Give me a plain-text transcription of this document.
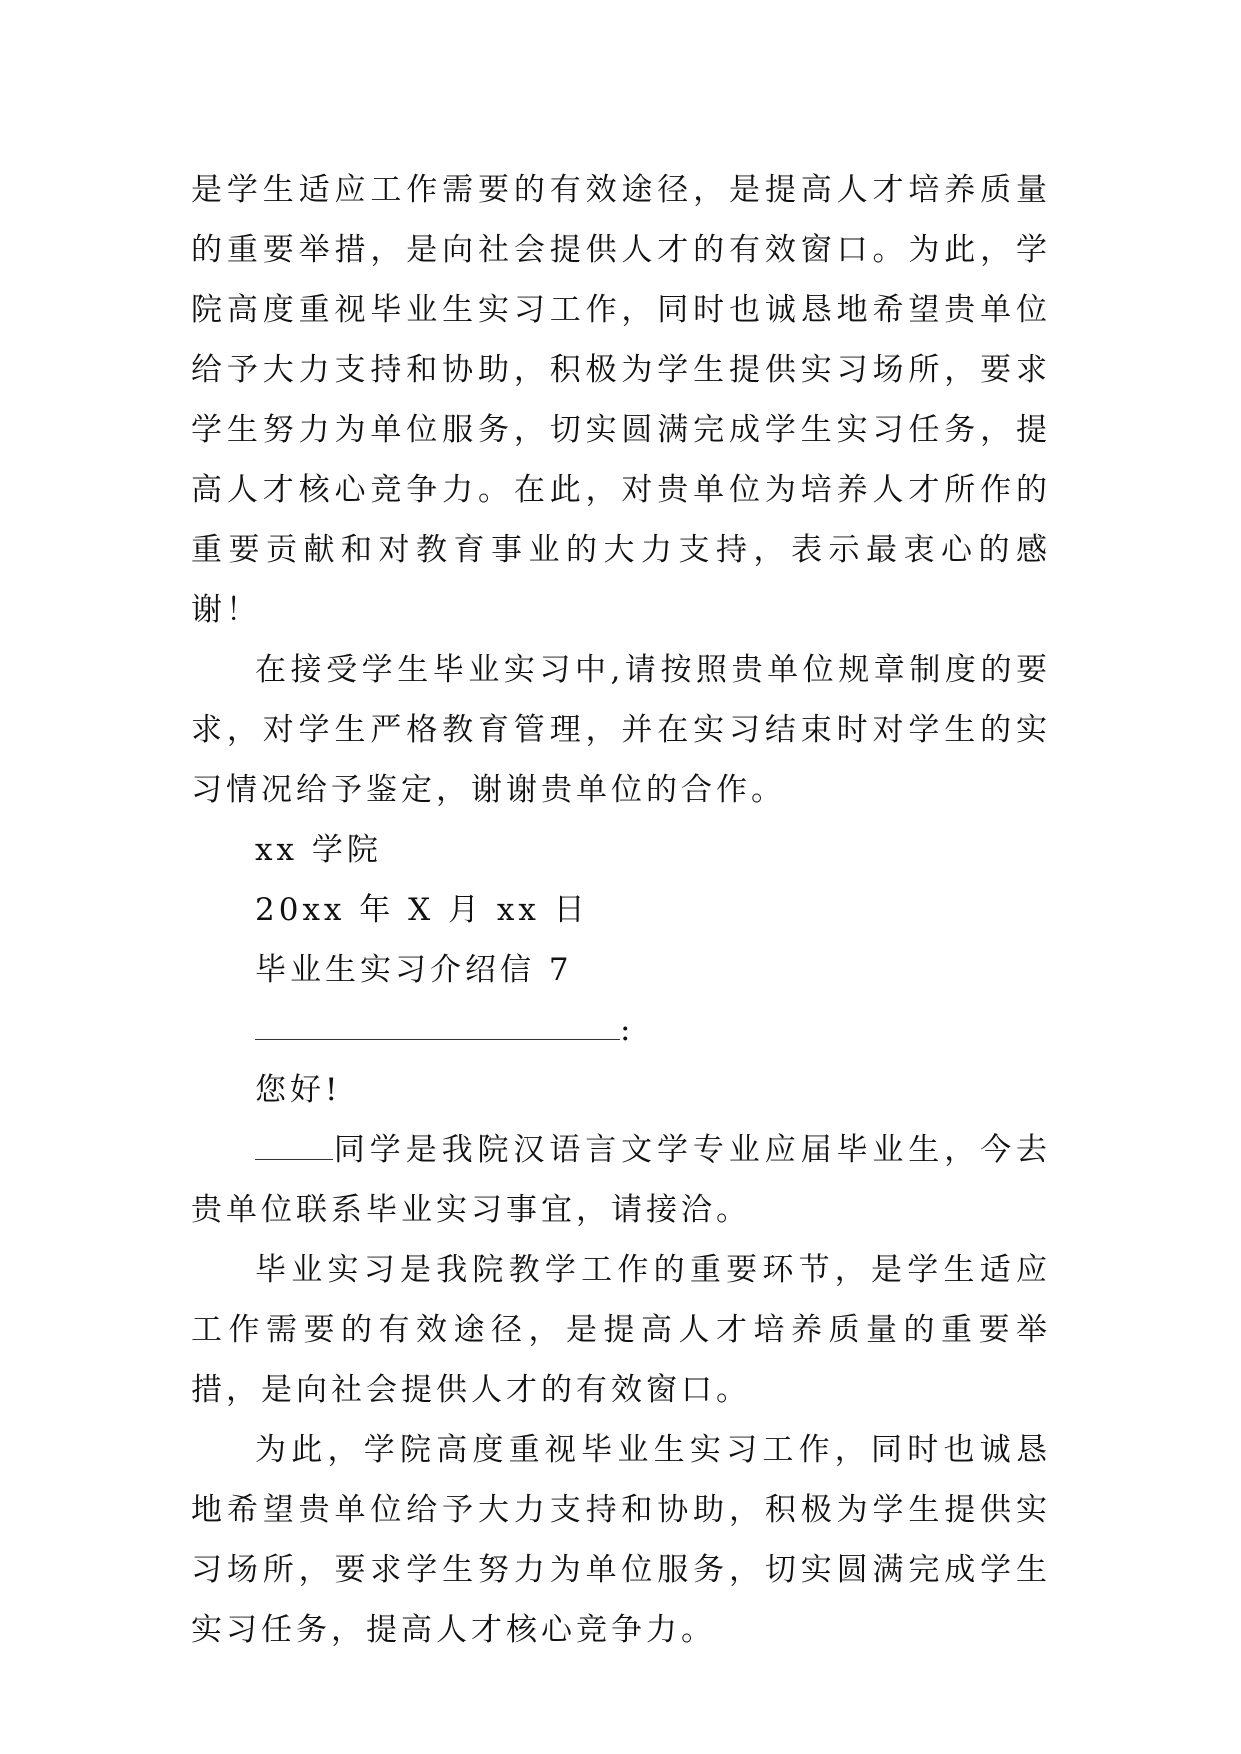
是学生适应工作需要的有效途径，是提高人才培养质量的重要举措，是向社会提供人才的有效窗口。为此，学院高度重视毕业生实习工作，同时也诚恳地希望贵单位给予大力支持和协助，积极为学生提供实习场所，要求学生努力为单位服务，切实圆满完成学生实习任务，提高人才核心竞争力。在此，对贵单位为培养人才所作的重要贡献和对教育事业的大力支持，表示最衷心的感谢！

在接受学生毕业实习中,请按照贵单位规章制度的要求，对学生严格教育管理，并在实习结束时对学生的实习情况给予鉴定，谢谢贵单位的合作。

xx 学院

20xx 年 X 月 xx 日

毕业生实习介绍信 7

:

您好!

同学是我院汉语言文学专业应届毕业生，今去贵单位联系毕业实习事宜，请接洽。

毕业实习是我院教学工作的重要环节，是学生适应工作需要的有效途径，是提高人才培养质量的重要举措，是向社会提供人才的有效窗口。

为此，学院高度重视毕业生实习工作，同时也诚恳地希望贵单位给予大力支持和协助，积极为学生提供实习场所，要求学生努力为单位服务，切实圆满完成学生实习任务，提高人才核心竞争力。
